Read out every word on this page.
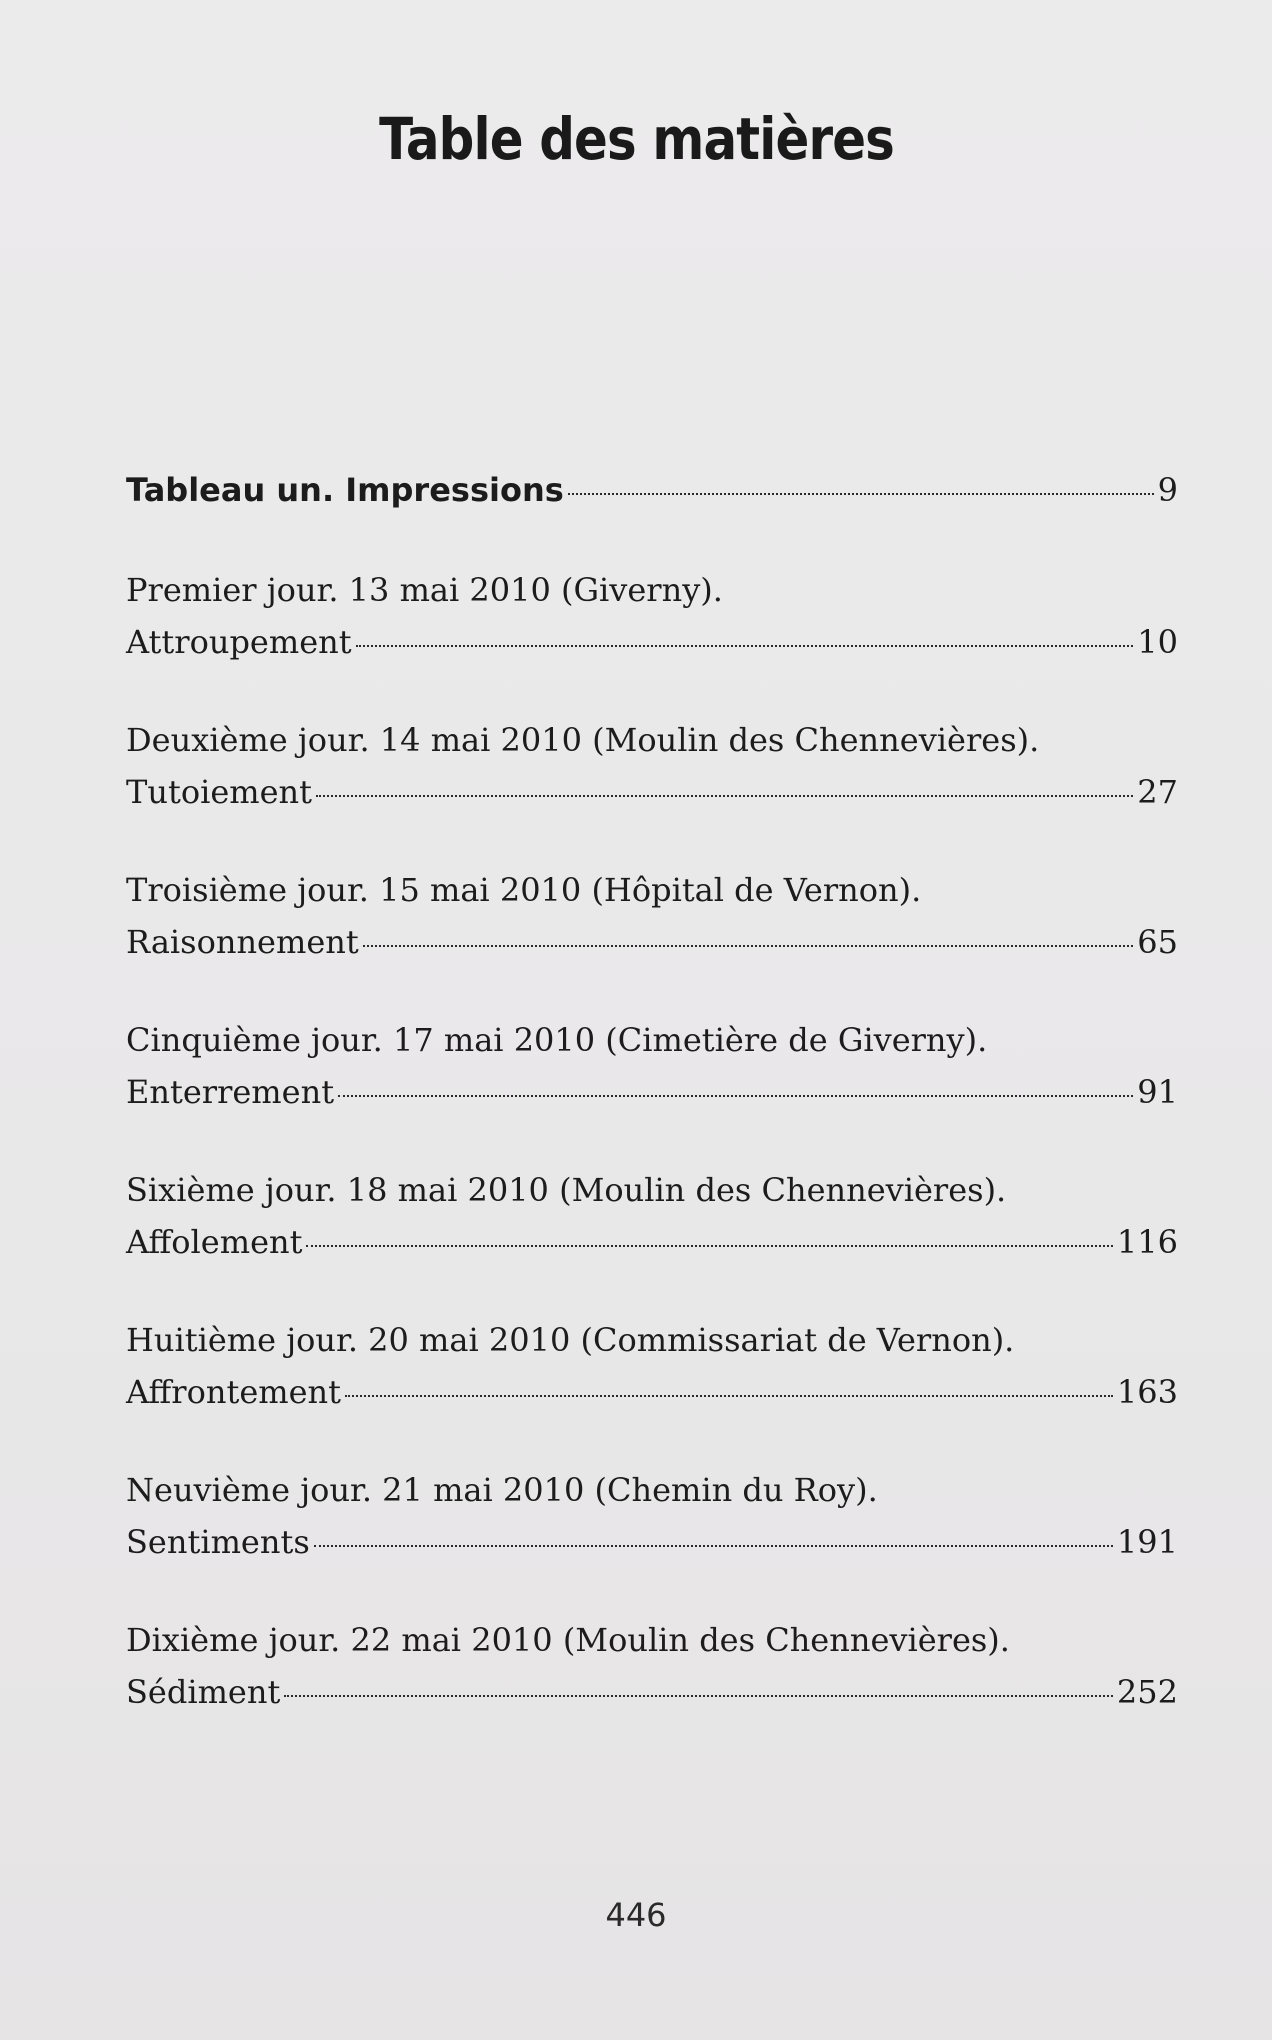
Table des matières
Tableau un. Impressions	9
Premier jour. 13 mai 2010 (Giverny).
Attroupement	10
Deuxième jour. 14 mai 2010 (Moulin des Chennevières).
Tutoiement	27
Troisième jour. 15 mai 2010 (Hôpital de Vernon).
Raisonnement	65
Cinquième jour. 17 mai 2010 (Cimetière de Giverny).
Enterrement	91
Sixième jour. 18 mai 2010 (Moulin des Chennevières).
Affolement	116
Huitième jour. 20 mai 2010 (Commissariat de Vernon).
Affrontement	163
Neuvième jour. 21 mai 2010 (Chemin du Roy).
Sentiments	191
Dixième jour. 22 mai 2010 (Moulin des Chennevières).
Sédiment	252
446
